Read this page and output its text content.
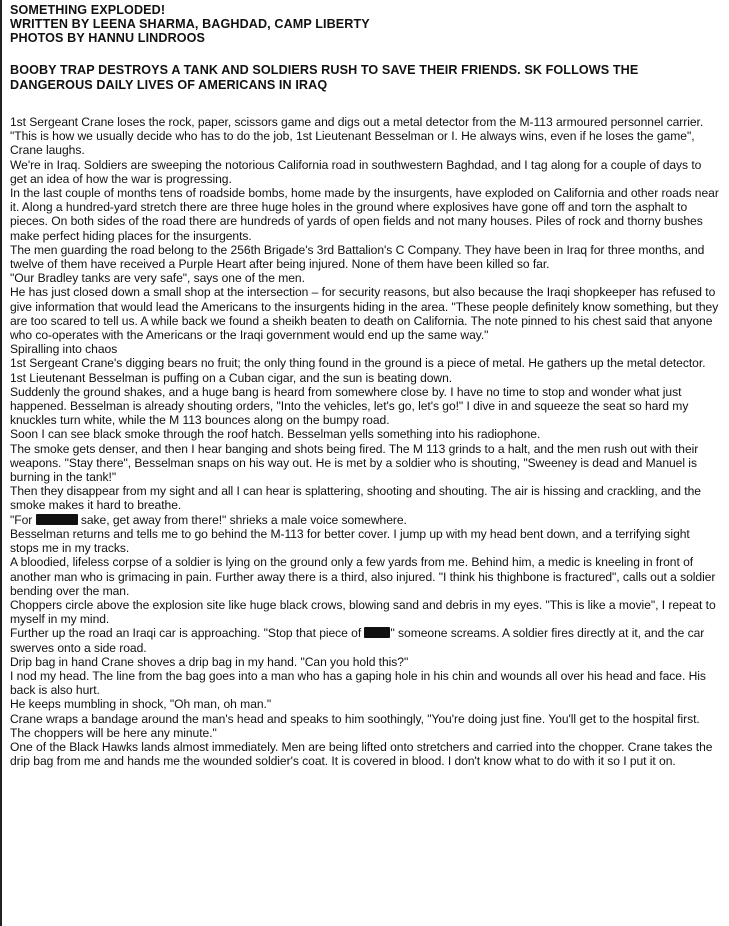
SOMETHING EXPLODED!
WRITTEN BY LEENA SHARMA, BAGHDAD, CAMP LIBERTY
PHOTOS BY HANNU LINDROOS
BOOBY TRAP DESTROYS A TANK AND SOLDIERS RUSH TO SAVE THEIR FRIENDS. SK FOLLOWS THE DANGEROUS DAILY LIVES OF AMERICANS IN IRAQ

1st Sergeant Crane loses the rock, paper, scissors game and digs out a metal detector from the M-113 armoured personnel carrier. "This is how we usually decide who has to do the job, 1st Lieutenant Besselman or I. He always wins, even if he loses the game", Crane laughs.

We're in Iraq. Soldiers are sweeping the notorious California road in southwestern Baghdad, and I tag along for a couple of days to get an idea of how the war is progressing.

In the last couple of months tens of roadside bombs, home made by the insurgents, have exploded on California and other roads near it. Along a hundred-yard stretch there are three huge holes in the ground where explosives have gone off and torn the asphalt to pieces. On both sides of the road there are hundreds of yards of open fields and not many houses. Piles of rock and thorny bushes make perfect hiding places for the insurgents.

The men guarding the road belong to the 256th Brigade's 3rd Battalion's C Company. They have been in Iraq for three months, and twelve of them have received a Purple Heart after being injured. None of them have been killed so far.

"Our Bradley tanks are very safe", says one of the men.

He has just closed down a small shop at the intersection – for security reasons, but also because the Iraqi shopkeeper has refused to give information that would lead the Americans to the insurgents hiding in the area. "These people definitely know something, but they are too scared to tell us. A while back we found a sheikh beaten to death on California. The note pinned to his chest said that anyone who co-operates with the Americans or the Iraqi government would end up the same way."

Spiralling into chaos

1st Sergeant Crane's digging bears no fruit; the only thing found in the ground is a piece of metal. He gathers up the metal detector. 1st Lieutenant Besselman is puffing on a Cuban cigar, and the sun is beating down.

Suddenly the ground shakes, and a huge bang is heard from somewhere close by. I have no time to stop and wonder what just happened. Besselman is already shouting orders, "Into the vehicles, let's go, let's go!" I dive in and squeeze the seat so hard my knuckles turn white, while the M 113 bounces along on the bumpy road.

Soon I can see black smoke through the roof hatch. Besselman yells something into his radiophone.

The smoke gets denser, and then I hear banging and shots being fired. The M 113 grinds to a halt, and the men rush out with their weapons. "Stay there", Besselman snaps on his way out. He is met by a soldier who is shouting, "Sweeney is dead and Manuel is burning in the tank!"

Then they disappear from my sight and all I can hear is splattering, shooting and shouting. The air is hissing and crackling, and the smoke makes it hard to breathe.

"For	sake, get away from there!" shrieks a male voice somewhere.

Besselman returns and tells me to go behind the M-113 for better cover. I jump up with my head bent down, and a terrifying sight stops me in my tracks.

A bloodied, lifeless corpse of a soldier is lying on the ground only a few yards from me. Behind him, a medic is kneeling in front of another man who is grimacing in pain. Further away there is a third, also injured. "I think his thighbone is fractured", calls out a soldier bending over the man.

Choppers circle above the explosion site like huge black crows, blowing sand and debris in my eyes. "This is like a movie", I repeat to myself in my mind.

Further up the road an Iraqi car is approaching. "Stop that piece of " someone screams. A soldier fires directly at it, and the car swerves onto a side road.

Drip bag in hand Crane shoves a drip bag in my hand. "Can you hold this?"

I nod my head. The line from the bag goes into a man who has a gaping hole in his chin and wounds all over his head and face. His back is also hurt.

He keeps mumbling in shock, "Oh man, oh man."

Crane wraps a bandage around the man's head and speaks to him soothingly, "You're doing just fine. You'll get to the hospital first. The choppers will be here any minute."

One of the Black Hawks lands almost immediately. Men are being lifted onto stretchers and carried into the chopper. Crane takes the drip bag from me and hands me the wounded soldier's coat. It is covered in blood. I don't know what to do with it so I put it on.
